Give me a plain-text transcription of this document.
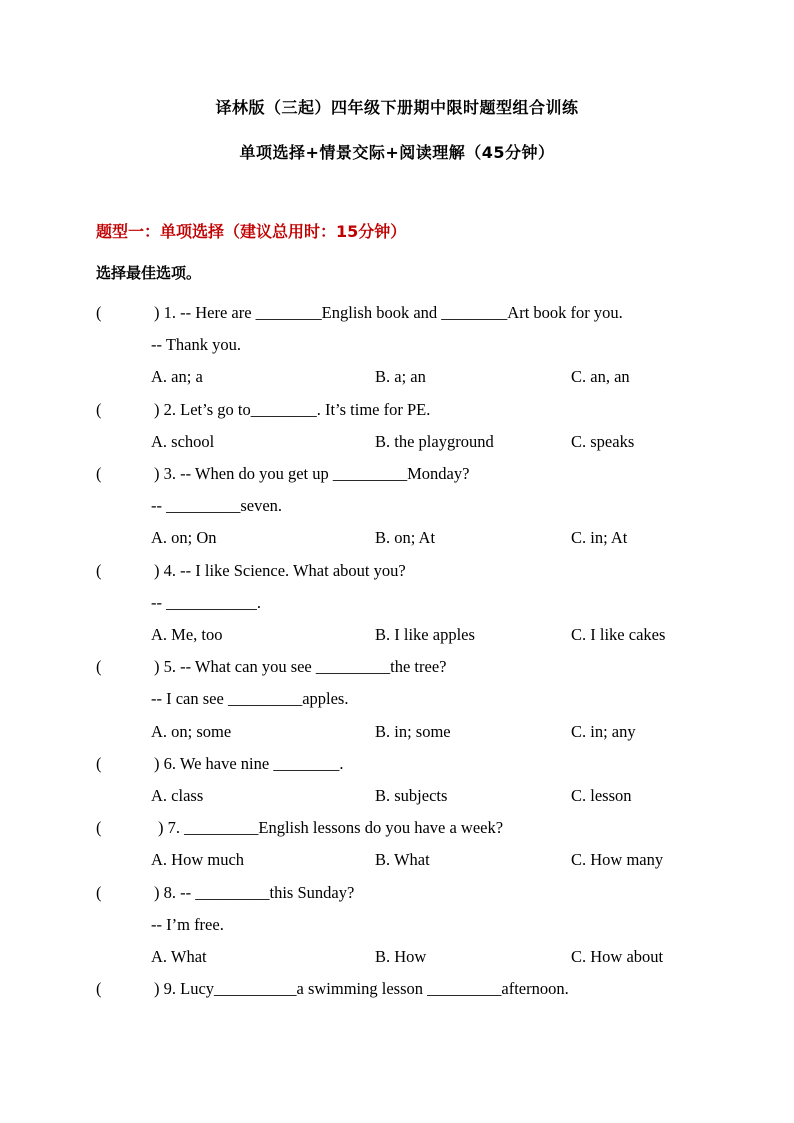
译林版（三起）四年级下册期中限时题型组合训练
单项选择+情景交际+阅读理解（45分钟）
题型一：单项选择（建议总用时：15分钟）
选择最佳选项。
(	) 1. -- Here are ________English book and ________Art book for you.
-- Thank you.
A. an; a	B. a; an	C. an, an
(	) 2. Let’s go to________. It’s time for PE.
A. school	B. the playground	C. speaks
(	) 3. -- When do you get up _________Monday?
-- _________seven.
A. on; On	B. on; At	C. in; At
(	) 4. -- I like Science. What about you?
-- ___________.
A. Me, too	B. I like apples	C. I like cakes
(	) 5. -- What can you see _________the tree?
-- I can see _________apples.
A. on; some	B. in; some	C. in; any
(	) 6. We have nine ________.
A. class	B. subjects	C. lesson
(	) 7. _________English lessons do you have a week?
A. How much	B. What	C. How many
(	) 8. -- _________this Sunday?
-- I’m free.
A. What	B. How	C. How about
(	) 9. Lucy__________a swimming lesson _________afternoon.
